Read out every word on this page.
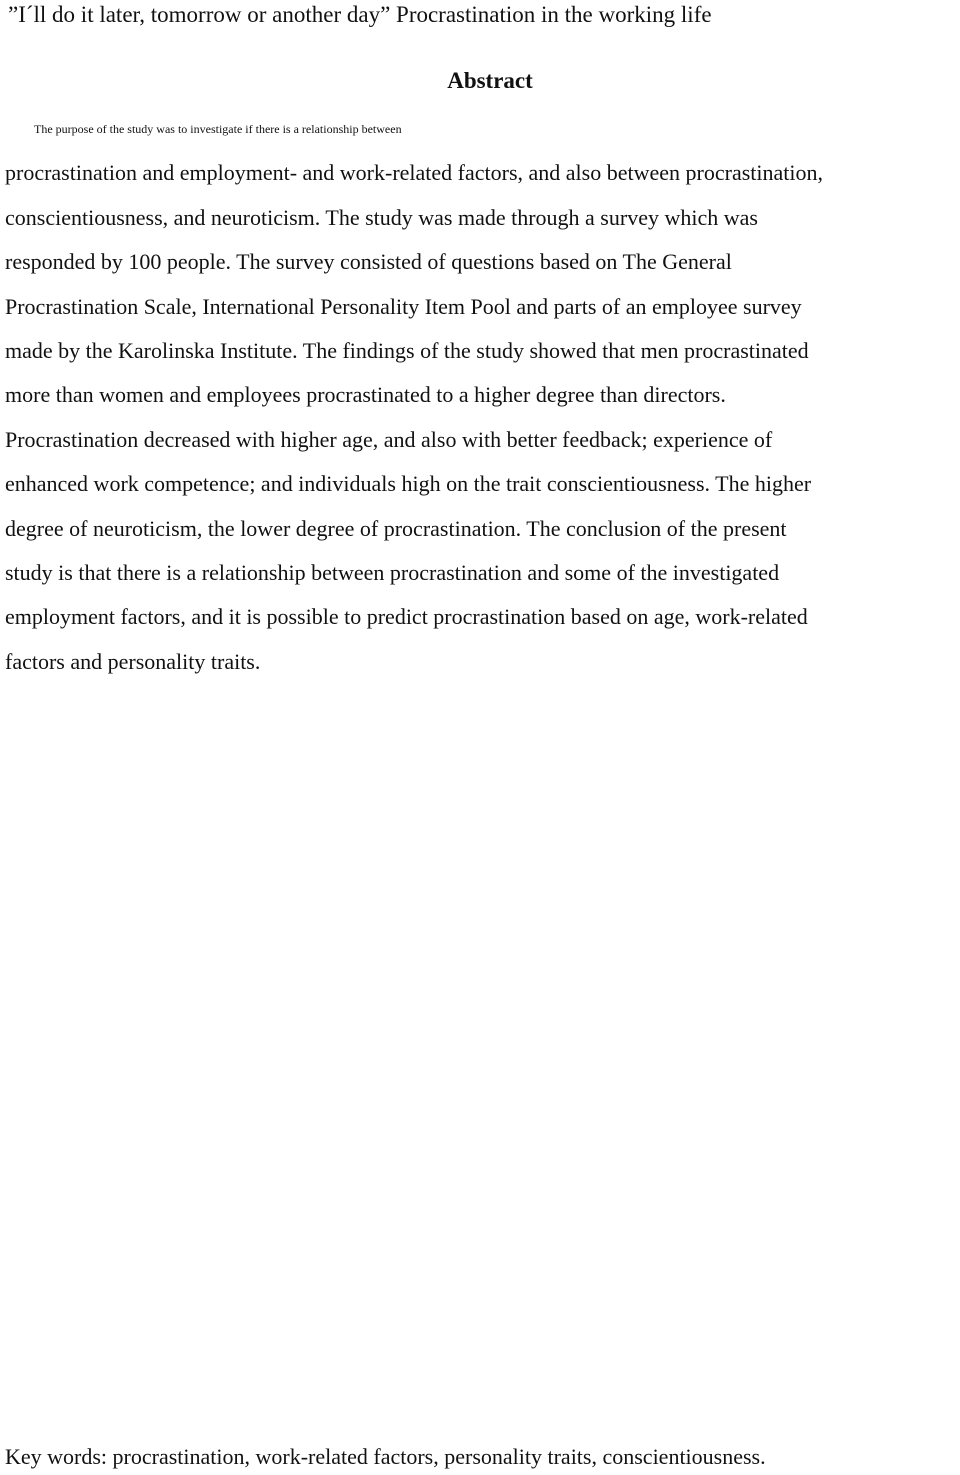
”I´ll do it later, tomorrow or another day” Procrastination in the working life
Abstract

The purpose of the study was to investigate if there is a relationship between
procrastination and employment- and work-related factors, and also between procrastination,
conscientiousness, and neuroticism. The study was made through a survey which was
responded by 100 people. The survey consisted of questions based on The General
Procrastination Scale, International Personality Item Pool and parts of an employee survey
made by the Karolinska Institute. The findings of the study showed that men procrastinated
more than women and employees procrastinated to a higher degree than directors.
Procrastination decreased with higher age, and also with better feedback; experience of
enhanced work competence; and individuals high on the trait conscientiousness. The higher
degree of neuroticism, the lower degree of procrastination. The conclusion of the present
study is that there is a relationship between procrastination and some of the investigated
employment factors, and it is possible to predict procrastination based on age, work-related
factors and personality traits.

Key words: procrastination, work-related factors, personality traits, conscientiousness.
